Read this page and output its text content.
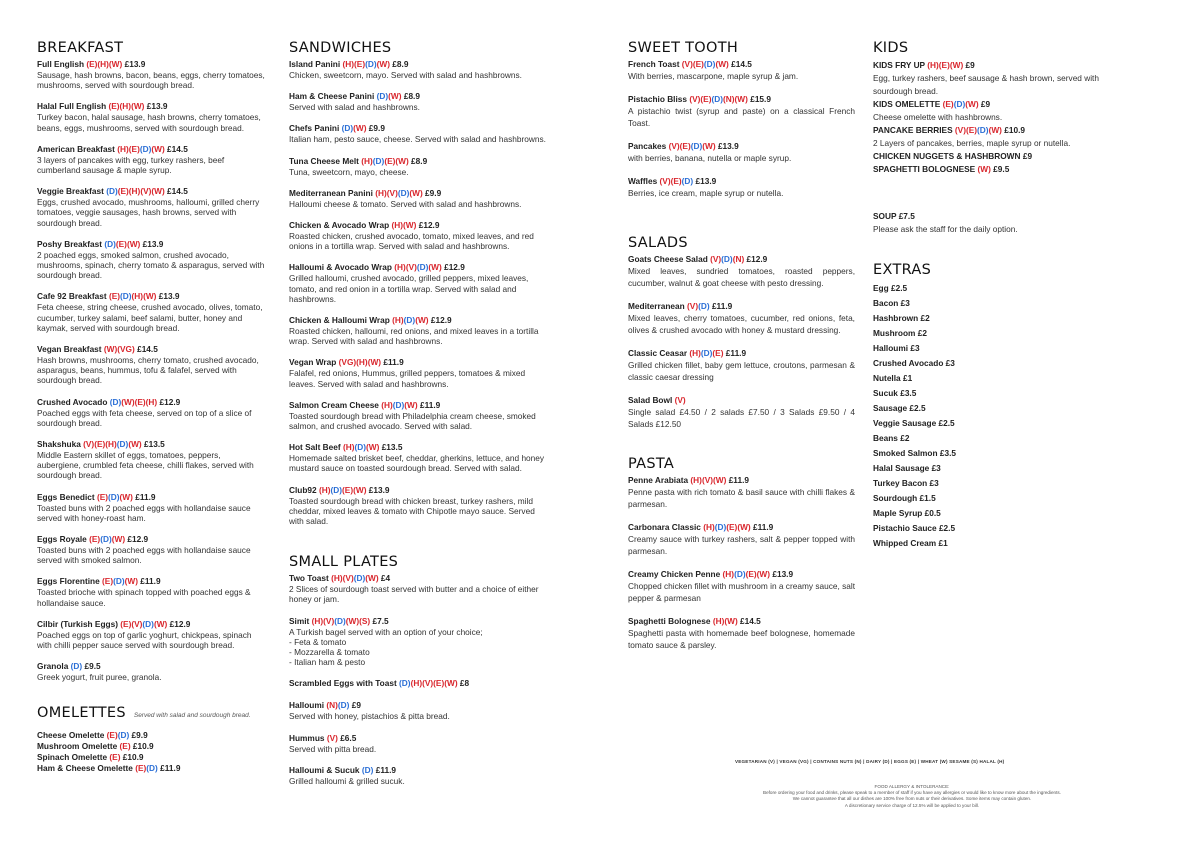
BREAKFAST
Full English (E)(H)(W) £13.9
Sausage, hash browns, bacon, beans, eggs, cherry tomatoes, mushrooms, served with sourdough bread.
Halal Full English (E)(H)(W) £13.9
Turkey bacon, halal sausage, hash browns, cherry tomatoes, beans, eggs, mushrooms, served with sourdough bread.
American Breakfast (H)(E)(D)(W) £14.5
3 layers of pancakes with egg, turkey rashers, beef cumberland sausage & maple syrup.
Veggie Breakfast (D)(E)(H)(V)(W) £14.5
Eggs, crushed avocado, mushrooms, halloumi, grilled cherry tomatoes, veggie sausages, hash browns, served with sourdough bread.
Poshy Breakfast (D)(E)(W) £13.9
2 poached eggs, smoked salmon, crushed avocado, mushrooms, spinach, cherry tomato & asparagus, served with sourdough bread.
Cafe 92 Breakfast (E)(D)(H)(W) £13.9
Feta cheese, string cheese, crushed avocado, olives, tomato, cucumber, turkey salami, beef salami, butter, honey and kaymak, served with sourdough bread.
Vegan Breakfast (W)(VG) £14.5
Hash browns, mushrooms, cherry tomato, crushed avocado, asparagus, beans, hummus, tofu & falafel, served with sourdough bread.
Crushed Avocado (D)(W)(E)(H) £12.9
Poached eggs with feta cheese, served on top of a slice of sourdough bread.
Shakshuka (V)(E)(H)(D)(W) £13.5
Middle Eastern skillet of eggs, tomatoes, peppers, aubergiene, crumbled feta cheese, chilli flakes, served with sourdough bread.
Eggs Benedict (E)(D)(W) £11.9
Toasted buns with 2 poached eggs with hollandaise sauce served with honey-roast ham.
Eggs Royale (E)(D)(W) £12.9
Toasted buns with 2 poached eggs with hollandaise sauce served with smoked salmon.
Eggs Florentine (E)(D)(W) £11.9
Toasted brioche with spinach topped with poached eggs & hollandaise sauce.
Cilbir (Turkish Eggs) (E)(V)(D)(W) £12.9
Poached eggs on top of garlic yoghurt, chickpeas, spinach with chilli pepper sauce served with sourdough bread.
Granola (D) £9.5
Greek yogurt, fruit puree, granola.
OMELETTES Served with salad and sourdough bread.
Cheese Omelette (E)(D) £9.9
Mushroom Omelette (E) £10.9
Spinach Omelette (E) £10.9
Ham & Cheese Omelette (E)(D) £11.9
SANDWICHES
Island Panini (H)(E)(D)(W) £8.9
Chicken, sweetcorn, mayo. Served with salad and hashbrowns.
Ham & Cheese Panini (D)(W) £8.9
Served with salad and hashbrowns.
Chefs Panini (D)(W) £9.9
Italian ham, pesto sauce, cheese. Served with salad and hashbrowns.
Tuna Cheese Melt (H)(D)(E)(W) £8.9
Tuna, sweetcorn, mayo, cheese.
Mediterranean Panini (H)(V)(D)(W) £9.9
Halloumi cheese & tomato. Served with salad and hashbrowns.
Chicken & Avocado Wrap (H)(W) £12.9
Roasted chicken, crushed avocado, tomato, mixed leaves, and red onions in a tortilla wrap. Served with salad and hashbrowns.
Halloumi & Avocado Wrap (H)(V)(D)(W) £12.9
Grilled halloumi, crushed avocado, grilled peppers, mixed leaves, tomato, and red onion in a tortilla wrap. Served with salad and hashbrowns.
Chicken & Halloumi Wrap (H)(D)(W) £12.9
Roasted chicken, halloumi, red onions, and mixed leaves in a tortilla wrap. Served with salad and hashbrowns.
Vegan Wrap (VG)(H)(W) £11.9
Falafel, red onions, Hummus, grilled peppers, tomatoes & mixed leaves. Served with salad and hashbrowns.
Salmon Cream Cheese (H)(D)(W) £11.9
Toasted sourdough bread with Philadelphia cream cheese, smoked salmon, and crushed avocado. Served with salad.
Hot Salt Beef (H)(D)(W) £13.5
Homemade salted brisket beef, cheddar, gherkins, lettuce, and honey mustard sauce on toasted sourdough bread. Served with salad.
Club92 (H)(D)(E)(W) £13.9
Toasted sourdough bread with chicken breast, turkey rashers, mild cheddar, mixed leaves & tomato with Chipotle mayo sauce. Served with salad.
SMALL PLATES
Two Toast (H)(V)(D)(W) £4
2 Slices of sourdough toast served with butter and a choice of either honey or jam.
Simit (H)(V)(D)(W)(S) £7.5
A Turkish bagel served with an option of your choice;
- Feta & tomato
- Mozzarella & tomato
- Italian ham & pesto
Scrambled Eggs with Toast (D)(H)(V)(E)(W) £8
Halloumi (N)(D) £9
Served with honey, pistachios & pitta bread.
Hummus (V) £6.5
Served with pitta bread.
Halloumi & Sucuk (D) £11.9
Grilled halloumi & grilled sucuk.
SWEET TOOTH
French Toast (V)(E)(D)(W) £14.5
With berries, mascarpone, maple syrup & jam.
Pistachio Bliss (V)(E)(D)(N)(W) £15.9
A pistachio twist (syrup and paste) on a classical French Toast.
Pancakes (V)(E)(D)(W) £13.9
with berries, banana, nutella or maple syrup.
Waffles (V)(E)(D) £13.9
Berries, ice cream, maple syrup or nutella.
SALADS
Goats Cheese Salad (V)(D)(N) £12.9
Mixed leaves, sundried tomatoes, roasted peppers, cucumber, walnut & goat cheese with pesto dressing.
Mediterranean (V)(D) £11.9
Mixed leaves, cherry tomatoes, cucumber, red onions, feta, olives & crushed avocado with honey & mustard dressing.
Classic Ceasar (H)(D)(E) £11.9
Grilled chicken fillet, baby gem lettuce, croutons, parmesan & classic caesar dressing
Salad Bowl (V)
Single salad £4.50 / 2 salads £7.50 / 3 Salads £9.50 / 4 Salads £12.50
PASTA
Penne Arabiata (H)(V)(W) £11.9
Penne pasta with rich tomato & basil sauce with chilli flakes & parmesan.
Carbonara Classic (H)(D)(E)(W) £11.9
Creamy sauce with turkey rashers, salt & pepper topped with parmesan.
Creamy Chicken Penne (H)(D)(E)(W) £13.9
Chopped chicken fillet with mushroom in a creamy sauce, salt pepper & parmesan
Spaghetti Bolognese (H)(W) £14.5
Spaghetti pasta with homemade beef bolognese, homemade tomato sauce & parsley.
KIDS
KIDS FRY UP (H)(E)(W) £9
Egg, turkey rashers, beef sausage & hash brown, served with sourdough bread.
KIDS OMELETTE (E)(D)(W) £9
Cheese omelette with hashbrowns.
PANCAKE BERRIES (V)(E)(D)(W) £10.9
2 Layers of pancakes, berries, maple syrup or nutella.
CHICKEN NUGGETS & HASHBROWN £9
SPAGHETTI BOLOGNESE (W) £9.5
SOUP £7.5
Please ask the staff for the daily option.
EXTRAS
Egg £2.5
Bacon £3
Hashbrown £2
Mushroom £2
Halloumi £3
Crushed Avocado £3
Nutella £1
Sucuk £3.5
Sausage £2.5
Veggie Sausage £2.5
Beans £2
Smoked Salmon £3.5
Halal Sausage £3
Turkey Bacon £3
Sourdough £1.5
Maple Syrup £0.5
Pistachio Sauce £2.5
Whipped Cream £1
VEGETARIAN (V) | VEGAN (VG) | CONTAINS NUTS (N) | DAIRY (D) | EGGS (E) | WHEAT (W) SESAME (S) HALAL (H)
FOOD ALLERGY & INTOLERANCE:
Before ordering your food and drinks, please speak to a member of staff if you have any allergies or would like to know more about the ingredients.
We cannot guarantee that all our dishes are 100% free from nuts or their derivatives. Some items may contain gluten.
A discretionary service charge of 12.5% will be applied to your bill.
